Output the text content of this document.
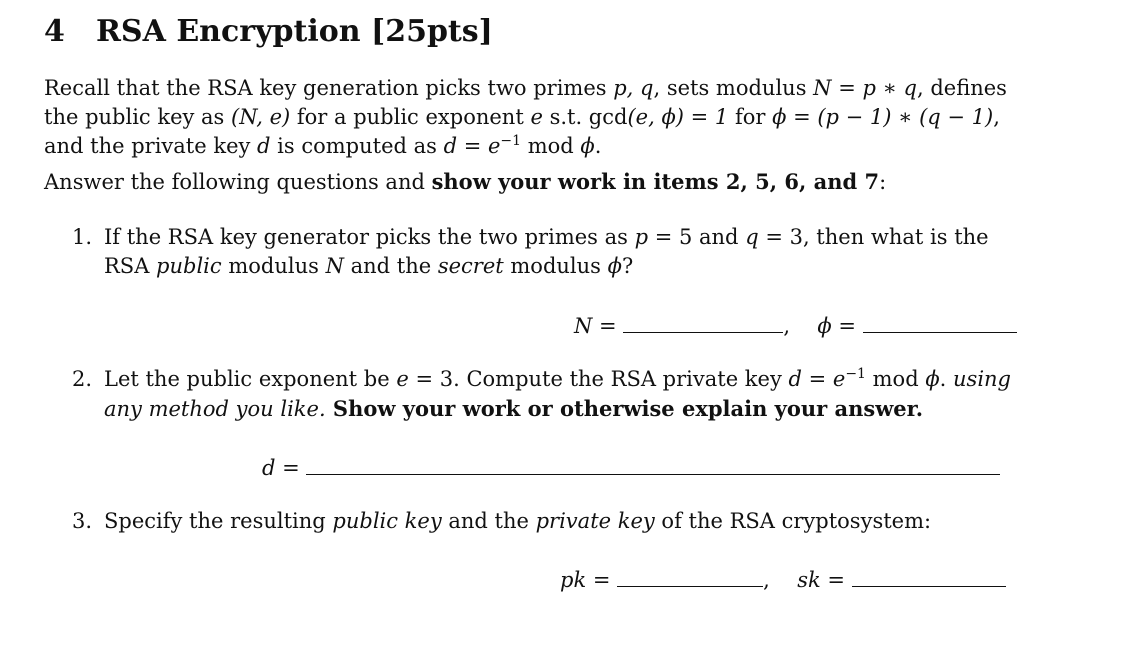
4 RSA Encryption [25pts]

Recall that the RSA key generation picks two primes p, q, sets modulus N = p ∗ q, defines the public key as (N, e) for a public exponent e s.t. gcd(e, ϕ) = 1 for ϕ = (p − 1) ∗ (q − 1), and the private key d is computed as $d = e^{-1}$ mod ϕ.

Answer the following questions and show your work in items 2, 5, 6, and 7:

1. If the RSA key generator picks the two primes as p = 5 and q = 3, then what is the RSA public modulus N and the secret modulus ϕ?
N =	, ϕ =
2. Let the public exponent be e = 3. Compute the RSA private key $d = e^{-1}$ mod ϕ. using any method you like. Show your work or otherwise explain your answer.
d =
3. Specify the resulting public key and the private key of the RSA cryptosystem:
pk =	, sk =
